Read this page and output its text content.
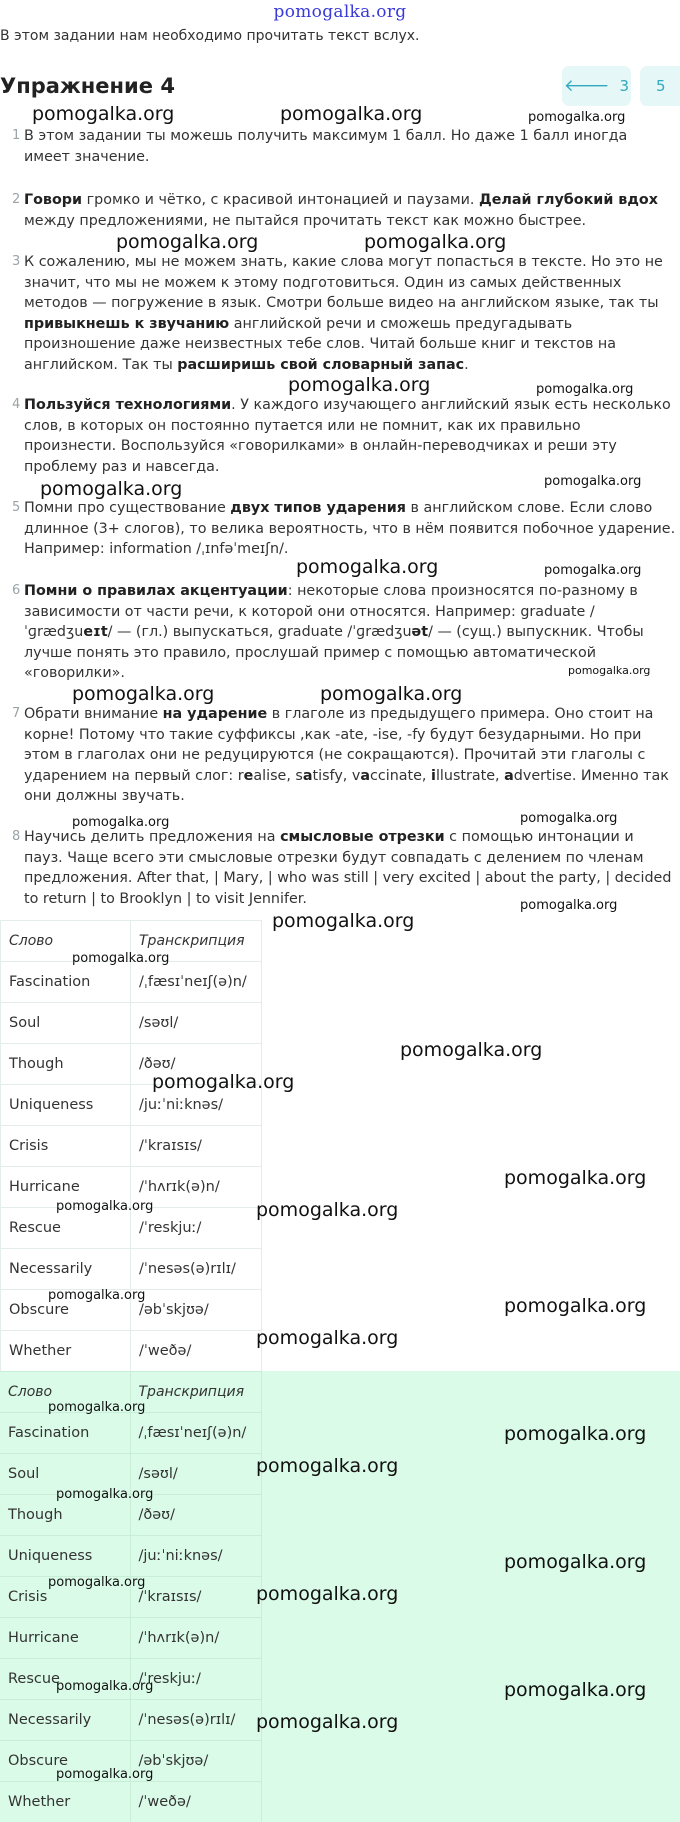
pomogalka.org
В этом задании нам необходимо прочитать текст вслух.
Упражнение 4	🡐 3 5
1 В этом задании ты можешь получить максимум 1 балл. Но даже 1 балл иногда имеет значение.
2 Говори громко и чётко, с красивой интонацией и паузами. Делай глубокий вдох между предложениями, не пытайся прочитать текст как можно быстрее.
3 К сожалению, мы не можем знать, какие слова могут попасться в тексте. Но это не значит, что мы не можем к этому подготовиться. Один из самых действенных методов — погружение в язык. Смотри больше видео на английском языке, так ты привыкнешь к звучанию английской речи и сможешь предугадывать произношение даже неизвестных тебе слов. Читай больше книг и текстов на английском. Так ты расширишь свой словарный запас.
4 Пользуйся технологиями. У каждого изучающего английский язык есть несколько слов, в которых он постоянно путается или не помнит, как их правильно произнести. Воспользуйся «говорилками» в онлайн-переводчиках и реши эту проблему раз и навсегда.
5 Помни про существование двух типов ударения в английском слове. Если слово длинное (3+ слогов), то велика вероятность, что в нём появится побочное ударение. Например: information /ˌɪnfəˈmeɪʃn/.
6 Помни о правилах акцентуации: некоторые слова произносятся по-разному в зависимости от части речи, к которой они относятся. Например: graduate /ˈɡrædʒueɪt/ — (гл.) выпускаться, graduate /ˈɡrædʒuət/ — (сущ.) выпускник. Чтобы лучше понять это правило, прослушай пример с помощью автоматической «говорилки».
7 Обрати внимание на ударение в глаголе из предыдущего примера. Оно стоит на корне! Потому что такие суффиксы ,как -ate, -ise, -fy будут безударными. Но при этом в глаголах они не редуцируются (не сокращаются). Прочитай эти глаголы с ударением на первый слог: realise, satisfy, vaccinate, illustrate, advertise. Именно так они должны звучать.
8 Научись делить предложения на смысловые отрезки с помощью интонации и пауз. Чаще всего эти смысловые отрезки будут совпадать с делением по членам предложения. After that, | Mary, | who was still | very excited | about the party, | decided to return | to Brooklyn | to visit Jennifer.
Слово	Транскрипция
Fascination	/ˌfæsɪˈneɪʃ(ə)n/
Soul	/səʊl/
Though	/ðəʊ/
Uniqueness	/juːˈniːknəs/
Crisis	/ˈkraɪsɪs/
Hurricane	/ˈhʌrɪk(ə)n/
Rescue	/ˈreskjuː/
Necessarily	/ˈnesəs(ə)rɪlɪ/
Obscure	/əbˈskjʊə/
Whether	/ˈweðə/
Слово	Транскрипция
Fascination	/ˌfæsɪˈneɪʃ(ə)n/
Soul	/səʊl/
Though	/ðəʊ/
Uniqueness	/juːˈniːknəs/
Crisis	/ˈkraɪsɪs/
Hurricane	/ˈhʌrɪk(ə)n/
Rescue	/ˈreskjuː/
Necessarily	/ˈnesəs(ə)rɪlɪ/
Obscure	/əbˈskjʊə/
Whether	/ˈweðə/
pomogalka.org	pomogalka.org	pomogalka.org
pomogalka.org	pomogalka.org
pomogalka.org	pomogalka.org
pomogalka.org	pomogalka.org
pomogalka.org	pomogalka.org
pomogalka.org
pomogalka.org	pomogalka.org
pomogalka.org	pomogalka.org
pomogalka.org
pomogalka.org
pomogalka.org
pomogalka.org
pomogalka.org
pomogalka.org
pomogalka.org	pomogalka.org
pomogalka.org	pomogalka.org
pomogalka.org
pomogalka.org
pomogalka.org
pomogalka.org
pomogalka.org
pomogalka.org
pomogalka.org
pomogalka.org
pomogalka.org	pomogalka.org
pomogalka.org
pomogalka.org
